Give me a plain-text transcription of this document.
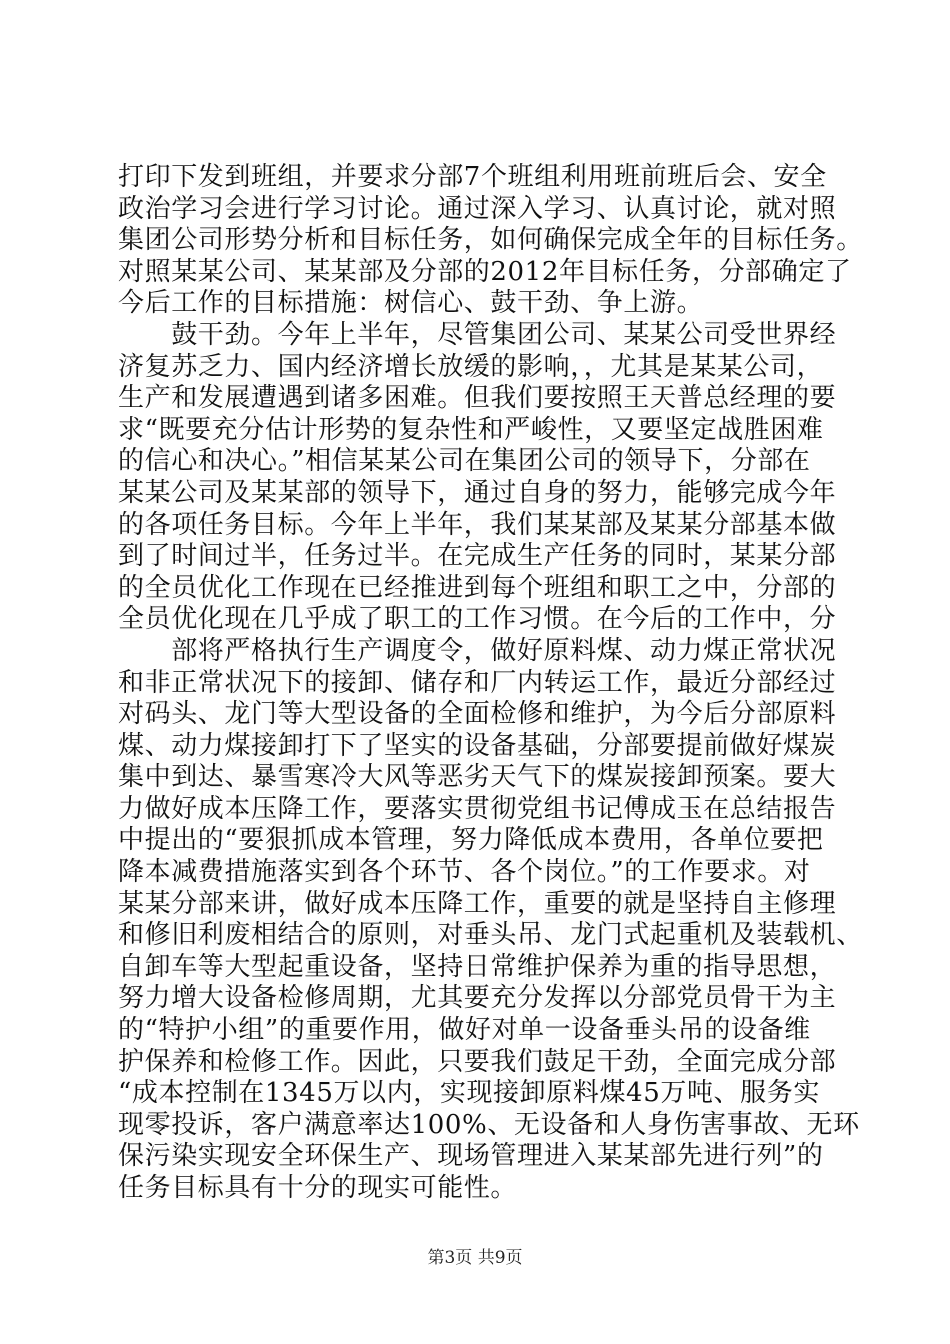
打印下发到班组，并要求分部7个班组利用班前班后会、安全
政治学习会进行学习讨论。通过深入学习、认真讨论，就对照
集团公司形势分析和目标任务，如何确保完成全年的目标任务。
对照某某公司、某某部及分部的2012年目标任务，分部确定了
今后工作的目标措施：树信心、鼓干劲、争上游。
　　鼓干劲。今年上半年，尽管集团公司、某某公司受世界经
济复苏乏力、国内经济增长放缓的影响，，尤其是某某公司，
生产和发展遭遇到诸多困难。但我们要按照王天普总经理的要
求“既要充分估计形势的复杂性和严峻性，又要坚定战胜困难
的信心和决心。”相信某某公司在集团公司的领导下，分部在
某某公司及某某部的领导下，通过自身的努力，能够完成今年
的各项任务目标。今年上半年，我们某某部及某某分部基本做
到了时间过半，任务过半。在完成生产任务的同时，某某分部
的全员优化工作现在已经推进到每个班组和职工之中，分部的
全员优化现在几乎成了职工的工作习惯。在今后的工作中，分
　　部将严格执行生产调度令，做好原料煤、动力煤正常状况
和非正常状况下的接卸、储存和厂内转运工作，最近分部经过
对码头、龙门等大型设备的全面检修和维护，为今后分部原料
煤、动力煤接卸打下了坚实的设备基础，分部要提前做好煤炭
集中到达、暴雪寒冷大风等恶劣天气下的煤炭接卸预案。要大
力做好成本压降工作，要落实贯彻党组书记傅成玉在总结报告
中提出的“要狠抓成本管理，努力降低成本费用，各单位要把
降本减费措施落实到各个环节、各个岗位。”的工作要求。对
某某分部来讲，做好成本压降工作，重要的就是坚持自主修理
和修旧利废相结合的原则，对垂头吊、龙门式起重机及装载机、
自卸车等大型起重设备，坚持日常维护保养为重的指导思想，
努力增大设备检修周期，尤其要充分发挥以分部党员骨干为主
的“特护小组”的重要作用，做好对单一设备垂头吊的设备维
护保养和检修工作。因此，只要我们鼓足干劲，全面完成分部
“成本控制在1345万以内，实现接卸原料煤45万吨、服务实
现零投诉，客户满意率达100%、无设备和人身伤害事故、无环
保污染实现安全环保生产、现场管理进入某某部先进行列”的
任务目标具有十分的现实可能性。
第3页 共9页
